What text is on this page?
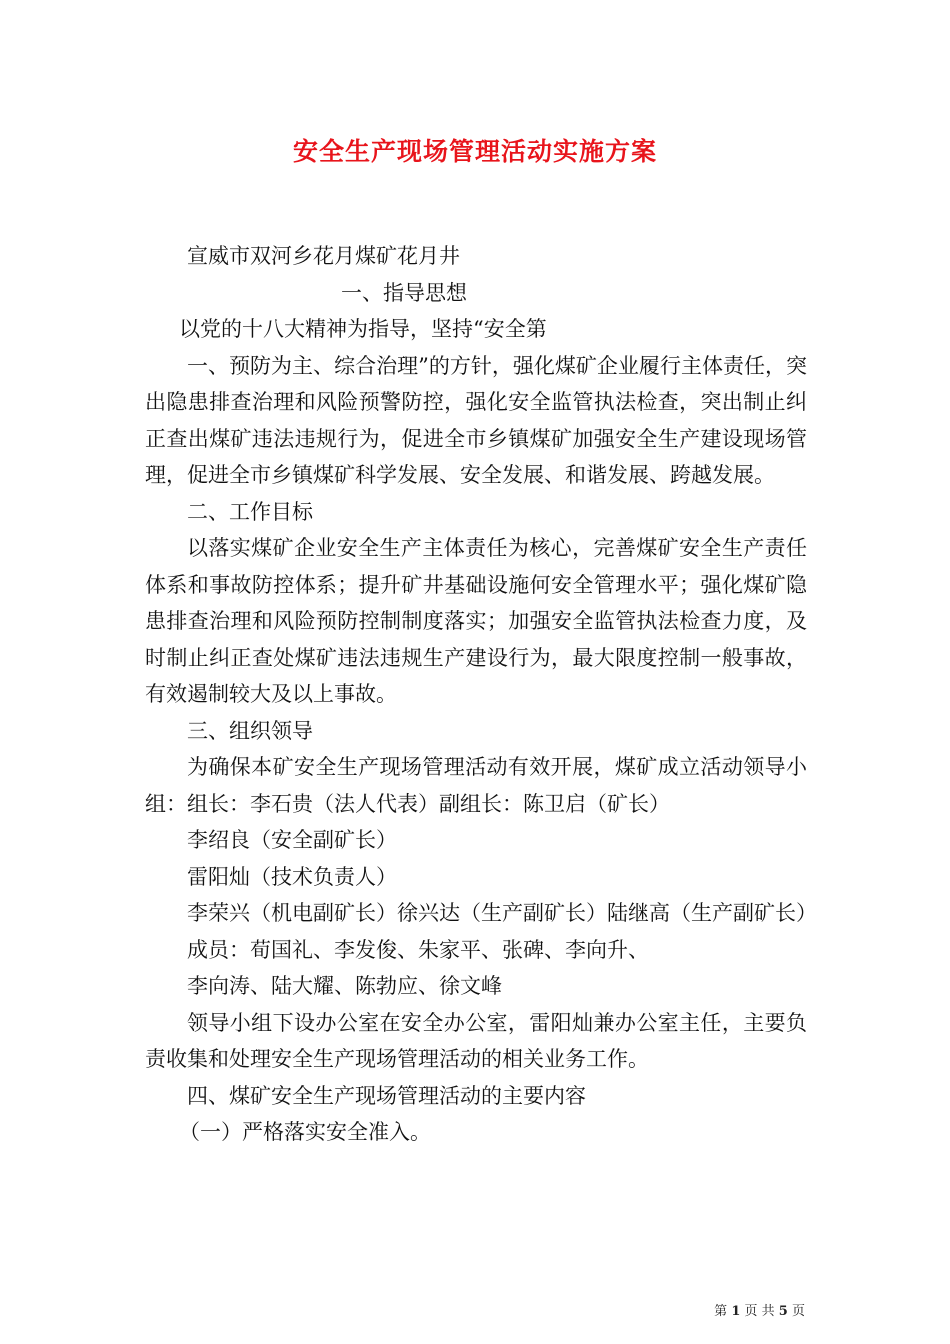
安全生产现场管理活动实施方案

宣威市双河乡花月煤矿花月井

一、指导思想

以党的十八大精神为指导，坚持“安全第

一、预防为主、综合治理”的方针，强化煤矿企业履行主体责任，突出隐患排查治理和风险预警防控，强化安全监管执法检查，突出制止纠正查出煤矿违法违规行为，促进全市乡镇煤矿加强安全生产建设现场管理，促进全市乡镇煤矿科学发展、安全发展、和谐发展、跨越发展。

二、工作目标

以落实煤矿企业安全生产主体责任为核心，完善煤矿安全生产责任体系和事故防控体系；提升矿井基础设施何安全管理水平；强化煤矿隐患排查治理和风险预防控制制度落实；加强安全监管执法检查力度，及时制止纠正查处煤矿违法违规生产建设行为，最大限度控制一般事故，有效遏制较大及以上事故。

三、组织领导

为确保本矿安全生产现场管理活动有效开展，煤矿成立活动领导小组：组长：李石贵（法人代表）副组长：陈卫启（矿长）

李绍良（安全副矿长）

雷阳灿（技术负责人）

李荣兴（机电副矿长）徐兴达（生产副矿长）陆继高（生产副矿长）

成员：荀国礼、李发俊、朱家平、张碑、李向升、

李向涛、陆大耀、陈勃应、徐文峰

领导小组下设办公室在安全办公室，雷阳灿兼办公室主任，主要负责收集和处理安全生产现场管理活动的相关业务工作。

四、煤矿安全生产现场管理活动的主要内容

（一）严格落实安全准入。

第 1 页 共 5 页
